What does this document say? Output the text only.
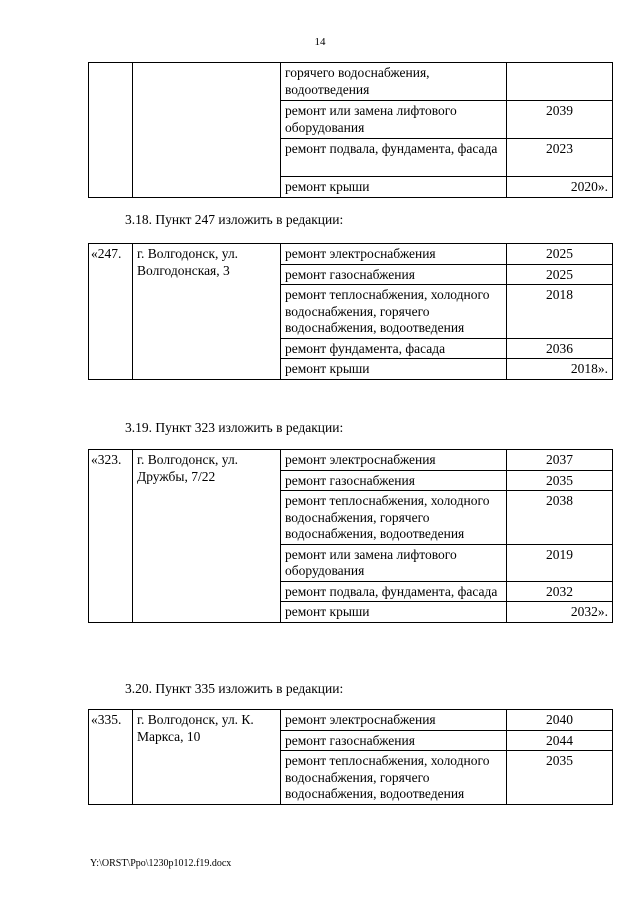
14
		горячего водоснабжения, водоотведения	
		ремонт или замена лифтового оборудования	2039
		ремонт подвала, фундамента, фасада	2023
		ремонт крыши	2020».
3.18. Пункт 247 изложить в редакции:
«247.	г. Волгодонск, ул. Волгодонская, 3	ремонт электроснабжения	2025
		ремонт газоснабжения	2025
		ремонт теплоснабжения, холодного водоснабжения, горячего водоснабжения, водоотведения	2018
		ремонт фундамента, фасада	2036
		ремонт крыши	2018».
3.19. Пункт 323 изложить в редакции:
«323.	г. Волгодонск, ул. Дружбы, 7/22	ремонт электроснабжения	2037
		ремонт газоснабжения	2035
		ремонт теплоснабжения, холодного водоснабжения, горячего водоснабжения, водоотведения	2038
		ремонт или замена лифтового оборудования	2019
		ремонт подвала, фундамента, фасада	2032
		ремонт крыши	2032».
3.20. Пункт 335 изложить в редакции:
«335.	г. Волгодонск, ул. К. Маркса, 10	ремонт электроснабжения	2040
		ремонт газоснабжения	2044
		ремонт теплоснабжения, холодного водоснабжения, горячего водоснабжения, водоотведения	2035
Y:\ORST\Ppo\1230p1012.f19.docx
